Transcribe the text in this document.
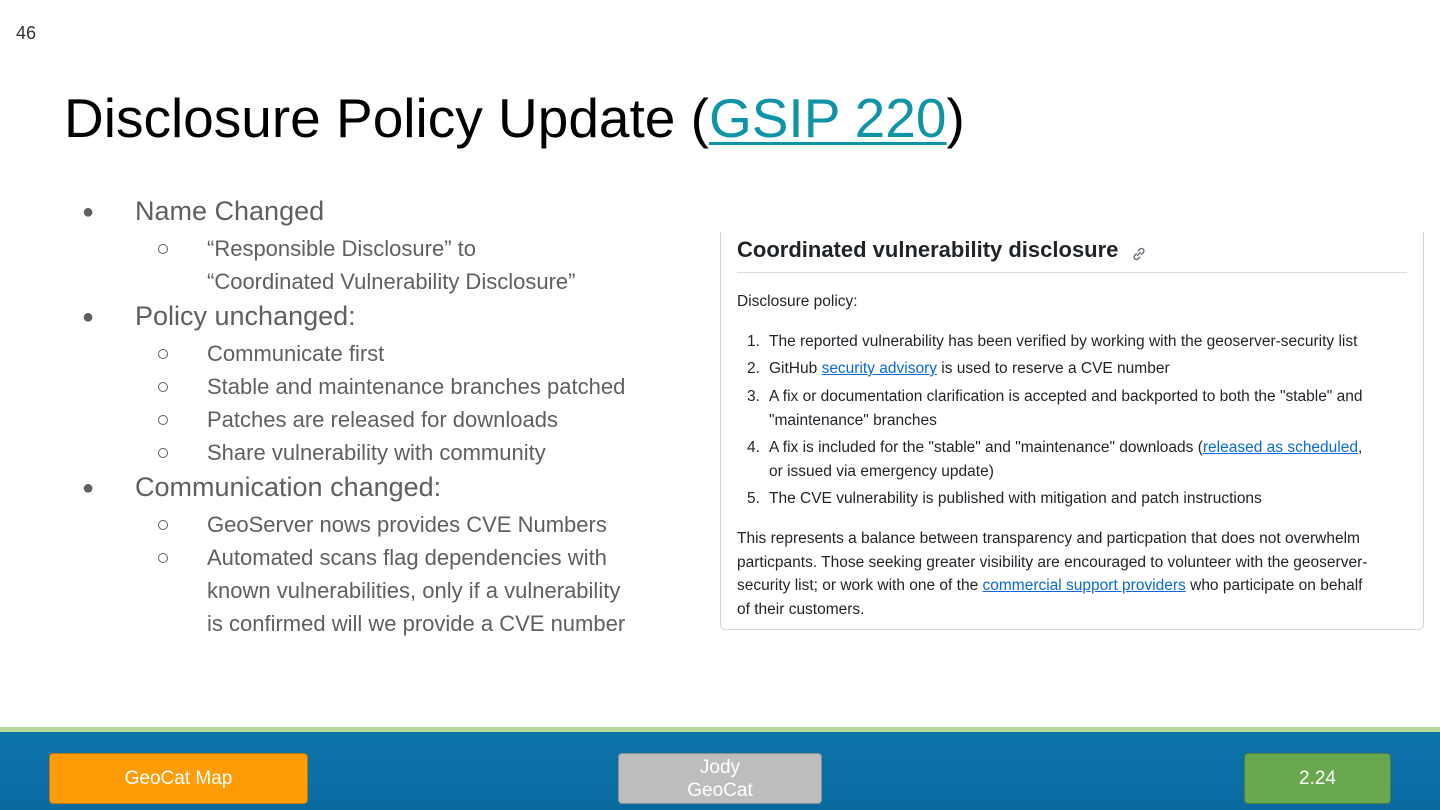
46
Disclosure Policy Update (GSIP 220)
● Name Changed
“Responsible Disclosure” to
“Coordinated Vulnerability Disclosure”
● Policy unchanged:
Communicate first
Stable and maintenance branches patched
Patches are released for downloads
Share vulnerability with community
● Communication changed:
GeoServer nows provides CVE Numbers
Automated scans flag dependencies with
known vulnerabilities, only if a vulnerability
is confirmed will we provide a CVE number
Coordinated vulnerability disclosure
Disclosure policy:
1. The reported vulnerability has been verified by working with the geoserver-security list
2. GitHub security advisory is used to reserve a CVE number
3. A fix or documentation clarification is accepted and backported to both the "stable" and
"maintenance" branches
4. A fix is included for the "stable" and "maintenance" downloads (released as scheduled,
or issued via emergency update)
5. The CVE vulnerability is published with mitigation and patch instructions
This represents a balance between transparency and particpation that does not overwhelm
particpants. Those seeking greater visibility are encouraged to volunteer with the geoserver-
security list; or work with one of the commercial support providers who participate on behalf
of their customers.
GeoCat Map
Jody
GeoCat
2.24
